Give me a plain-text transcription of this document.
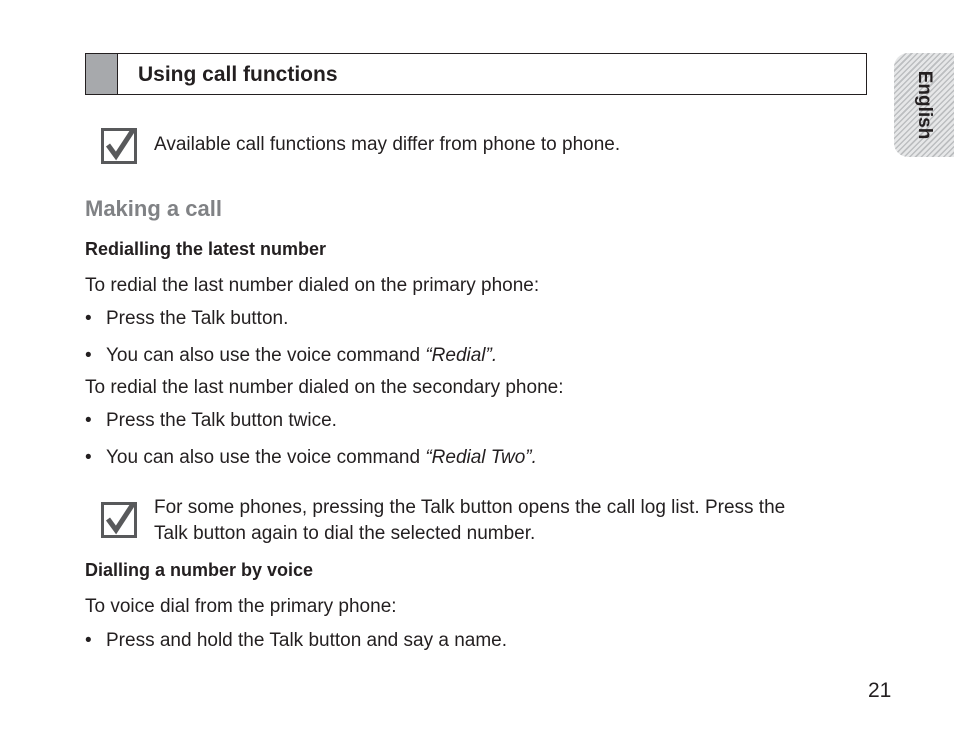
Using call functions	English
Available call functions may differ from phone to phone.
Making a call
Redialling the latest number
To redial the last number dialed on the primary phone:
• Press the Talk button.
• You can also use the voice command “Redial”.
To redial the last number dialed on the secondary phone:
• Press the Talk button twice.
• You can also use the voice command “Redial Two”.
For some phones, pressing the Talk button opens the call log list. Press the
Talk button again to dial the selected number.
Dialling a number by voice
To voice dial from the primary phone:
• Press and hold the Talk button and say a name.
21
